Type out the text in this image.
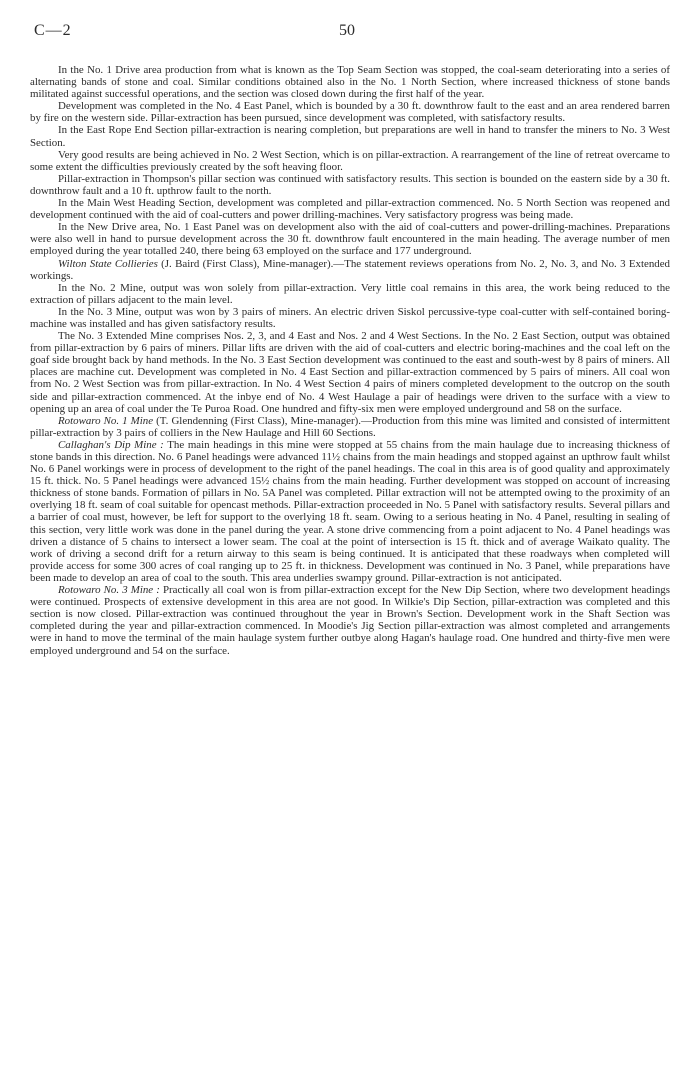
C—2	50

In the No. 1 Drive area production from what is known as the Top Seam Section was stopped, the coal-seam deteriorating into a series of alternating bands of stone and coal. Similar conditions obtained also in the No. 1 North Section, where increased thickness of stone bands militated against successful operations, and the section was closed down during the first half of the year.

Development was completed in the No. 4 East Panel, which is bounded by a 30 ft. downthrow fault to the east and an area rendered barren by fire on the western side. Pillar-extraction has been pursued, since development was completed, with satisfactory results.

In the East Rope End Section pillar-extraction is nearing completion, but preparations are well in hand to transfer the miners to No. 3 West Section.

Very good results are being achieved in No. 2 West Section, which is on pillar-extraction. A rearrangement of the line of retreat overcame to some extent the difficulties previously created by the soft heaving floor.

Pillar-extraction in Thompson's pillar section was continued with satisfactory results. This section is bounded on the eastern side by a 30 ft. downthrow fault and a 10 ft. upthrow fault to the north.

In the Main West Heading Section, development was completed and pillar-extraction commenced. No. 5 North Section was reopened and development continued with the aid of coal-cutters and power drilling-machines. Very satisfactory progress was being made.

In the New Drive area, No. 1 East Panel was on development also with the aid of coal-cutters and power-drilling-machines. Preparations were also well in hand to pursue development across the 30 ft. downthrow fault encountered in the main heading. The average number of men employed during the year totalled 240, there being 63 employed on the surface and 177 underground.

Wilton State Collieries (J. Baird (First Class), Mine-manager).—The statement reviews operations from No. 2, No. 3, and No. 3 Extended workings.

In the No. 2 Mine, output was won solely from pillar-extraction. Very little coal remains in this area, the work being reduced to the extraction of pillars adjacent to the main level.

In the No. 3 Mine, output was won by 3 pairs of miners. An electric driven Siskol percussive-type coal-cutter with self-contained boring-machine was installed and has given satisfactory results.

The No. 3 Extended Mine comprises Nos. 2, 3, and 4 East and Nos. 2 and 4 West Sections. In the No. 2 East Section, output was obtained from pillar-extraction by 6 pairs of miners. Pillar lifts are driven with the aid of coal-cutters and electric boring-machines and the coal left on the goaf side brought back by hand methods. In the No. 3 East Section development was continued to the east and south-west by 8 pairs of miners. All places are machine cut. Development was completed in No. 4 East Section and pillar-extraction commenced by 5 pairs of miners. All coal won from No. 2 West Section was from pillar-extraction. In No. 4 West Section 4 pairs of miners completed development to the outcrop on the south side and pillar-extraction commenced. At the inbye end of No. 4 West Haulage a pair of headings were driven to the surface with a view to opening up an area of coal under the Te Puroa Road. One hundred and fifty-six men were employed underground and 58 on the surface.

Rotowaro No. 1 Mine (T. Glendenning (First Class), Mine-manager).—Production from this mine was limited and consisted of intermittent pillar-extraction by 3 pairs of colliers in the New Haulage and Hill 60 Sections.

Callaghan's Dip Mine : The main headings in this mine were stopped at 55 chains from the main haulage due to increasing thickness of stone bands in this direction. No. 6 Panel headings were advanced 11½ chains from the main headings and stopped against an upthrow fault whilst No. 6 Panel workings were in process of development to the right of the panel headings. The coal in this area is of good quality and approximately 15 ft. thick. No. 5 Panel headings were advanced 15½ chains from the main heading. Further development was stopped on account of increasing thickness of stone bands. Formation of pillars in No. 5A Panel was completed. Pillar extraction will not be attempted owing to the proximity of an overlying 18 ft. seam of coal suitable for opencast methods. Pillar-extraction proceeded in No. 5 Panel with satisfactory results. Several pillars and a barrier of coal must, however, be left for support to the overlying 18 ft. seam. Owing to a serious heating in No. 4 Panel, resulting in sealing of this section, very little work was done in the panel during the year. A stone drive commencing from a point adjacent to No. 4 Panel headings was driven a distance of 5 chains to intersect a lower seam. The coal at the point of intersection is 15 ft. thick and of average Waikato quality. The work of driving a second drift for a return airway to this seam is being continued. It is anticipated that these roadways when completed will provide access for some 300 acres of coal ranging up to 25 ft. in thickness. Development was continued in No. 3 Panel, while preparations have been made to develop an area of coal to the south. This area underlies swampy ground. Pillar-extraction is not anticipated.

Rotowaro No. 3 Mine : Practically all coal won is from pillar-extraction except for the New Dip Section, where two development headings were continued. Prospects of extensive development in this area are not good. In Wilkie's Dip Section, pillar-extraction was completed and this section is now closed. Pillar-extraction was continued throughout the year in Brown's Section. Development work in the Shaft Section was completed during the year and pillar-extraction commenced. In Moodie's Jig Section pillar-extraction was almost completed and arrangements were in hand to move the terminal of the main haulage system further outbye along Hagan's haulage road. One hundred and thirty-five men were employed underground and 54 on the surface.
